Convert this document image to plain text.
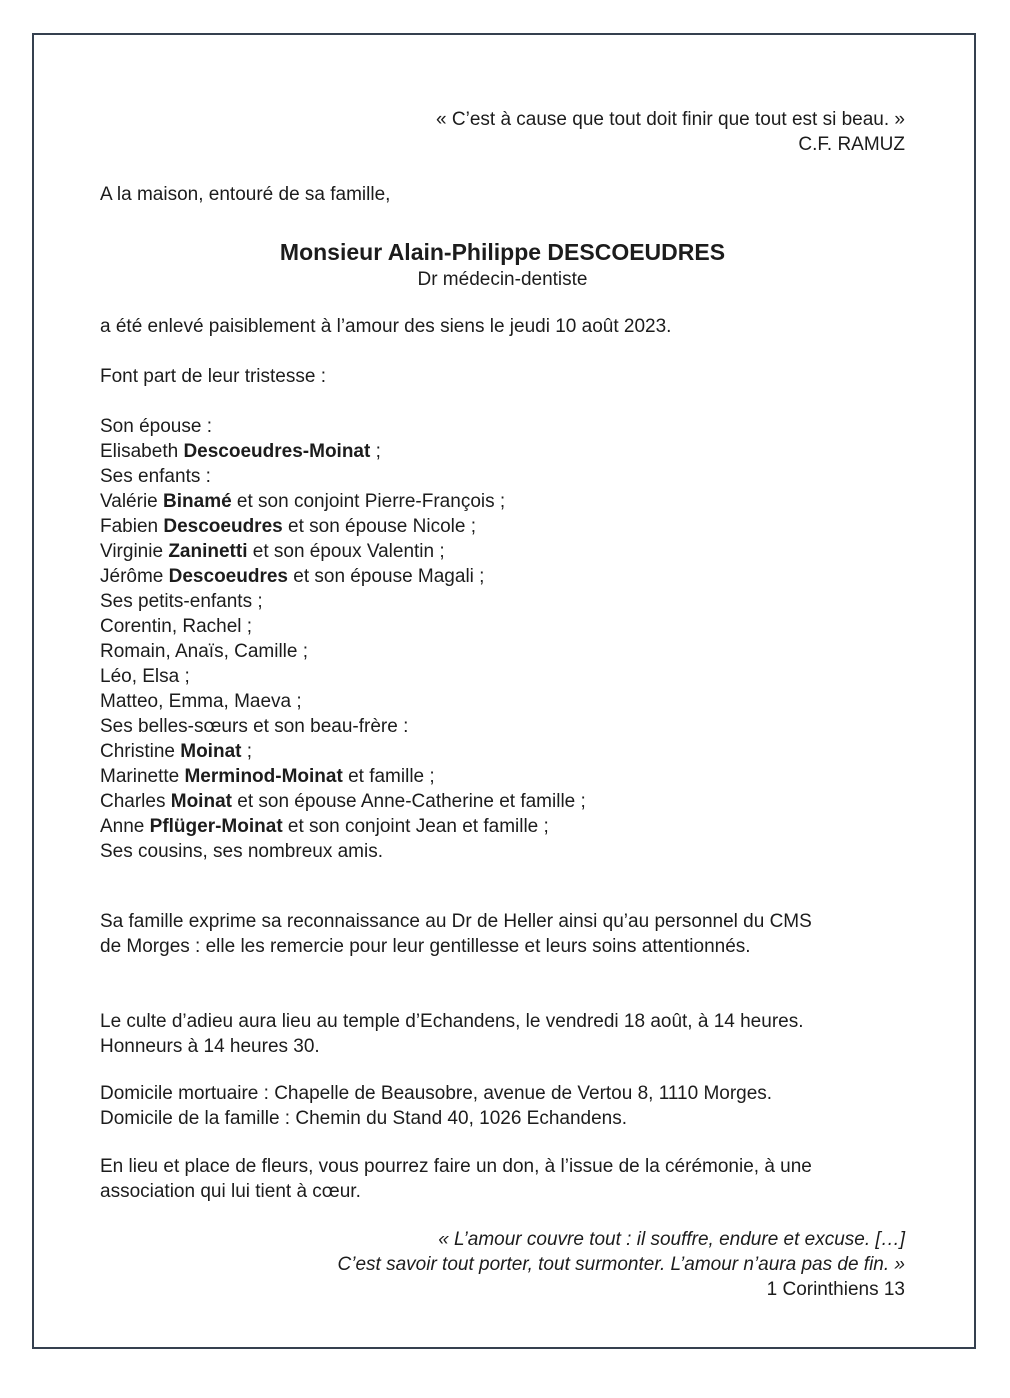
« C’est à cause que tout doit finir que tout est si beau. »
C.F. RAMUZ

A la maison, entouré de sa famille,

Monsieur Alain-Philippe DESCOEUDRES
Dr médecin-dentiste

a été enlevé paisiblement à l’amour des siens le jeudi 10 août 2023.

Font part de leur tristesse :

Son épouse :
Elisabeth Descoeudres-Moinat ;
Ses enfants :
Valérie Binamé et son conjoint Pierre-François ;
Fabien Descoeudres et son épouse Nicole ;
Virginie Zaninetti et son époux Valentin ;
Jérôme Descoeudres et son épouse Magali ;
Ses petits-enfants ;
Corentin, Rachel ;
Romain, Anaïs, Camille ;
Léo, Elsa ;
Matteo, Emma, Maeva ;
Ses belles-sœurs et son beau-frère :
Christine Moinat ;
Marinette Merminod-Moinat et famille ;
Charles Moinat et son épouse Anne-Catherine et famille ;
Anne Pflüger-Moinat et son conjoint Jean et famille ;
Ses cousins, ses nombreux amis.
Sa famille exprime sa reconnaissance au Dr de Heller ainsi qu’au personnel du CMS
de Morges : elle les remercie pour leur gentillesse et leurs soins attentionnés.
Le culte d’adieu aura lieu au temple d’Echandens, le vendredi 18 août, à 14 heures.
Honneurs à 14 heures 30.
Domicile mortuaire : Chapelle de Beausobre, avenue de Vertou 8, 1110 Morges.
Domicile de la famille : Chemin du Stand 40, 1026 Echandens.
En lieu et place de fleurs, vous pourrez faire un don, à l’issue de la cérémonie, à une
association qui lui tient à cœur.
« L’amour couvre tout : il souffre, endure et excuse. […]
C’est savoir tout porter, tout surmonter. L’amour n’aura pas de fin. »
1 Corinthiens 13
